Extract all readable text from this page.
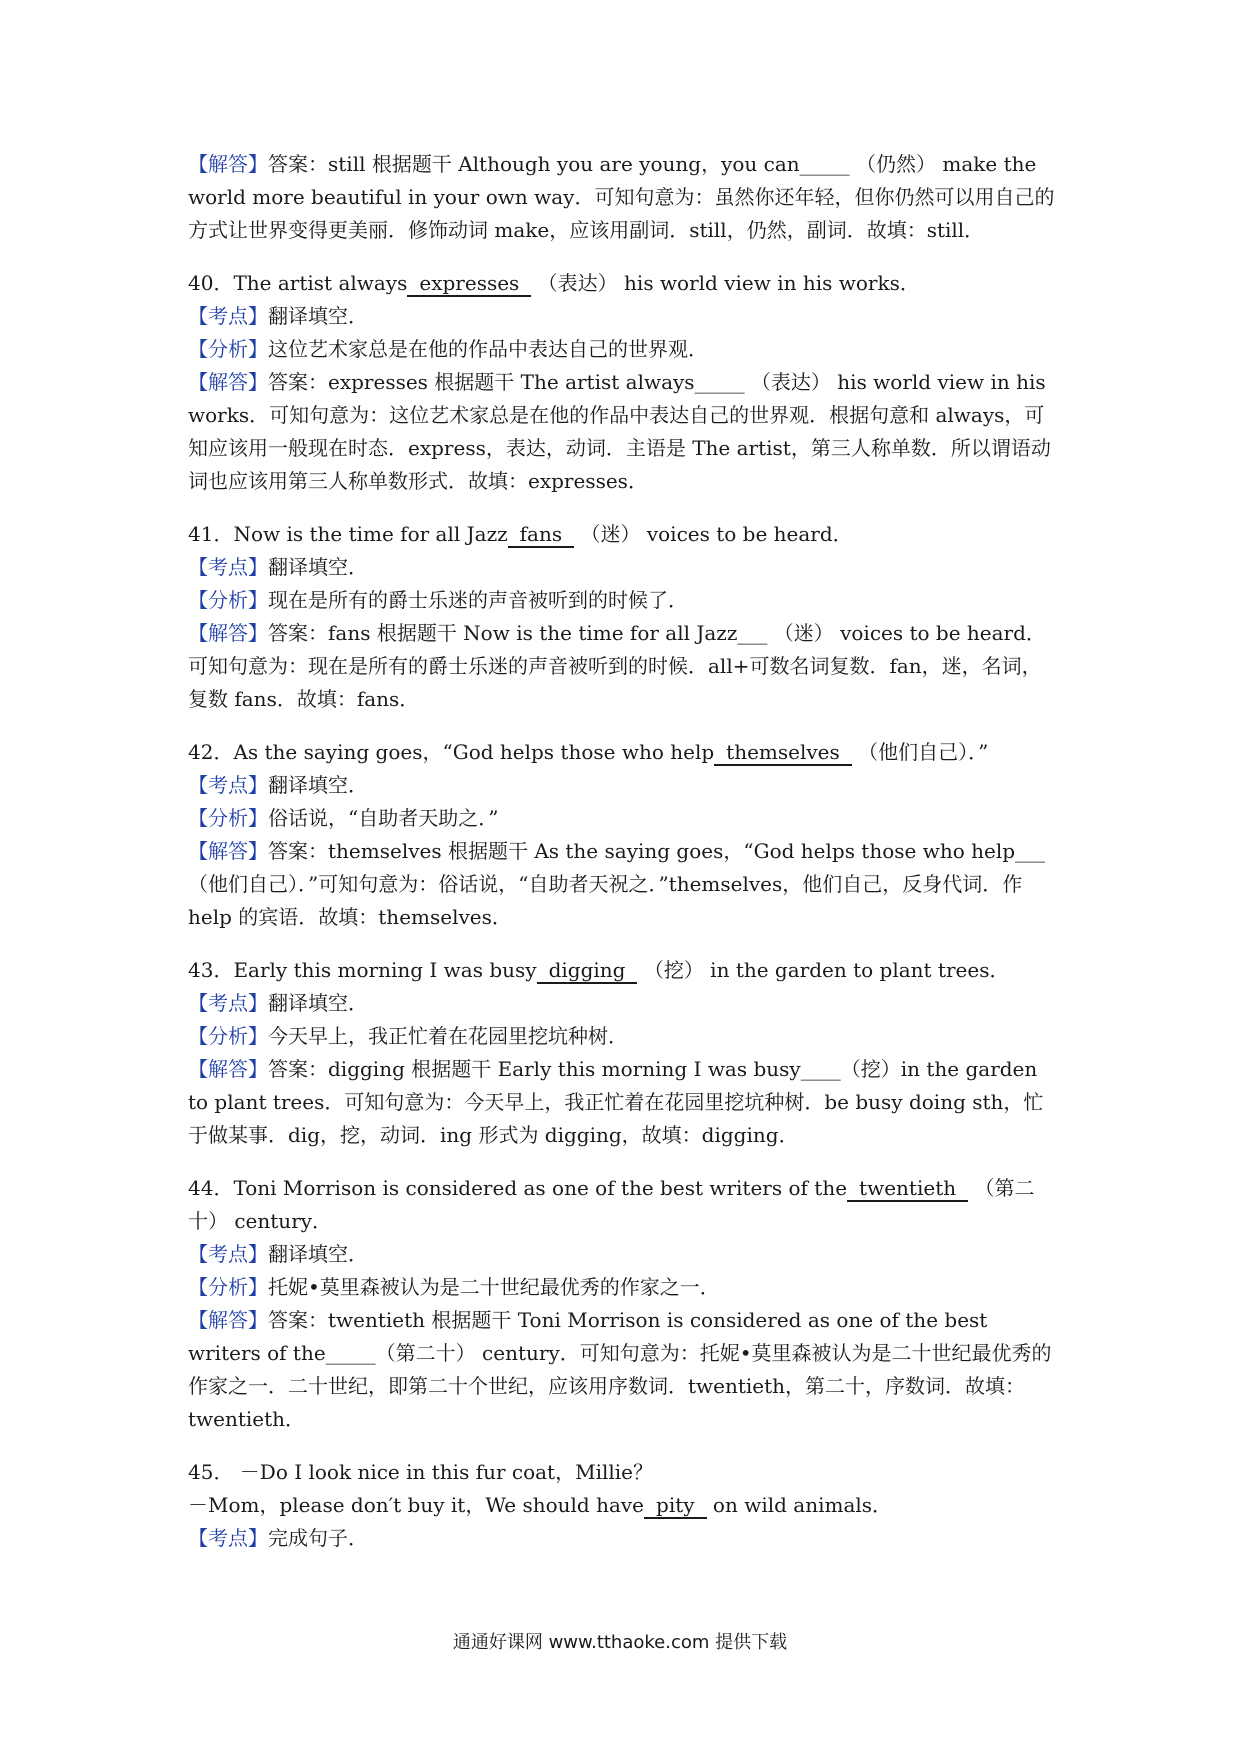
【解答】答案：still 根据题干 Although you are young，you can_____ （仍然） make the world more beautiful in your own way．可知句意为：虽然你还年轻，但你仍然可以用自己的方式让世界变得更美丽．修饰动词 make，应该用副词．still，仍然，副词．故填：still．

40．The artist always expresses （表达） his world view in his works．

【考点】翻译填空．

【分析】这位艺术家总是在他的作品中表达自己的世界观．

【解答】答案：expresses 根据题干 The artist always_____ （表达） his world view in his works．可知句意为：这位艺术家总是在他的作品中表达自己的世界观．根据句意和 always，可知应该用一般现在时态．express，表达，动词．主语是 The artist，第三人称单数．所以谓语动词也应该用第三人称单数形式．故填：expresses．

41．Now is the time for all Jazz fans （迷） voices to be heard．

【考点】翻译填空．

【分析】现在是所有的爵士乐迷的声音被听到的时候了．

【解答】答案：fans 根据题干 Now is the time for all Jazz___ （迷） voices to be heard．可知句意为：现在是所有的爵士乐迷的声音被听到的时候．all+可数名词复数．fan，迷，名词，复数 fans．故填：fans．

42．As the saying goes，“God helps those who help themselves （他们自己）．”

【考点】翻译填空．

【分析】俗话说，“自助者天助之．”

【解答】答案：themselves 根据题干 As the saying goes，“God helps those who help___ （他们自己）．”可知句意为：俗话说，“自助者天祝之．”themselves，他们自己，反身代词．作 help 的宾语．故填：themselves．

43．Early this morning I was busy digging （挖） in the garden to plant trees．

【考点】翻译填空．

【分析】今天早上，我正忙着在花园里挖坑种树．

【解答】答案：digging 根据题干 Early this morning I was busy____（挖）in the garden to plant trees．可知句意为：今天早上，我正忙着在花园里挖坑种树．be busy doing sth，忙于做某事．dig，挖，动词．ing 形式为 digging，故填：digging．

44．Toni Morrison is considered as one of the best writers of the twentieth （第二十） century．

【考点】翻译填空．

【分析】托妮•莫里森被认为是二十世纪最优秀的作家之一．

【解答】答案：twentieth 根据题干 Toni Morrison is considered as one of the best writers of the_____（第二十） century．可知句意为：托妮•莫里森被认为是二十世纪最优秀的作家之一．二十世纪，即第二十个世纪，应该用序数词．twentieth，第二十，序数词．故填：twentieth．

45． －Do I look nice in this fur coat，Millie？

－Mom，please don′t buy it，We should have pity on wild animals．

【考点】完成句子．

通通好课网 www.tthaoke.com 提供下载
